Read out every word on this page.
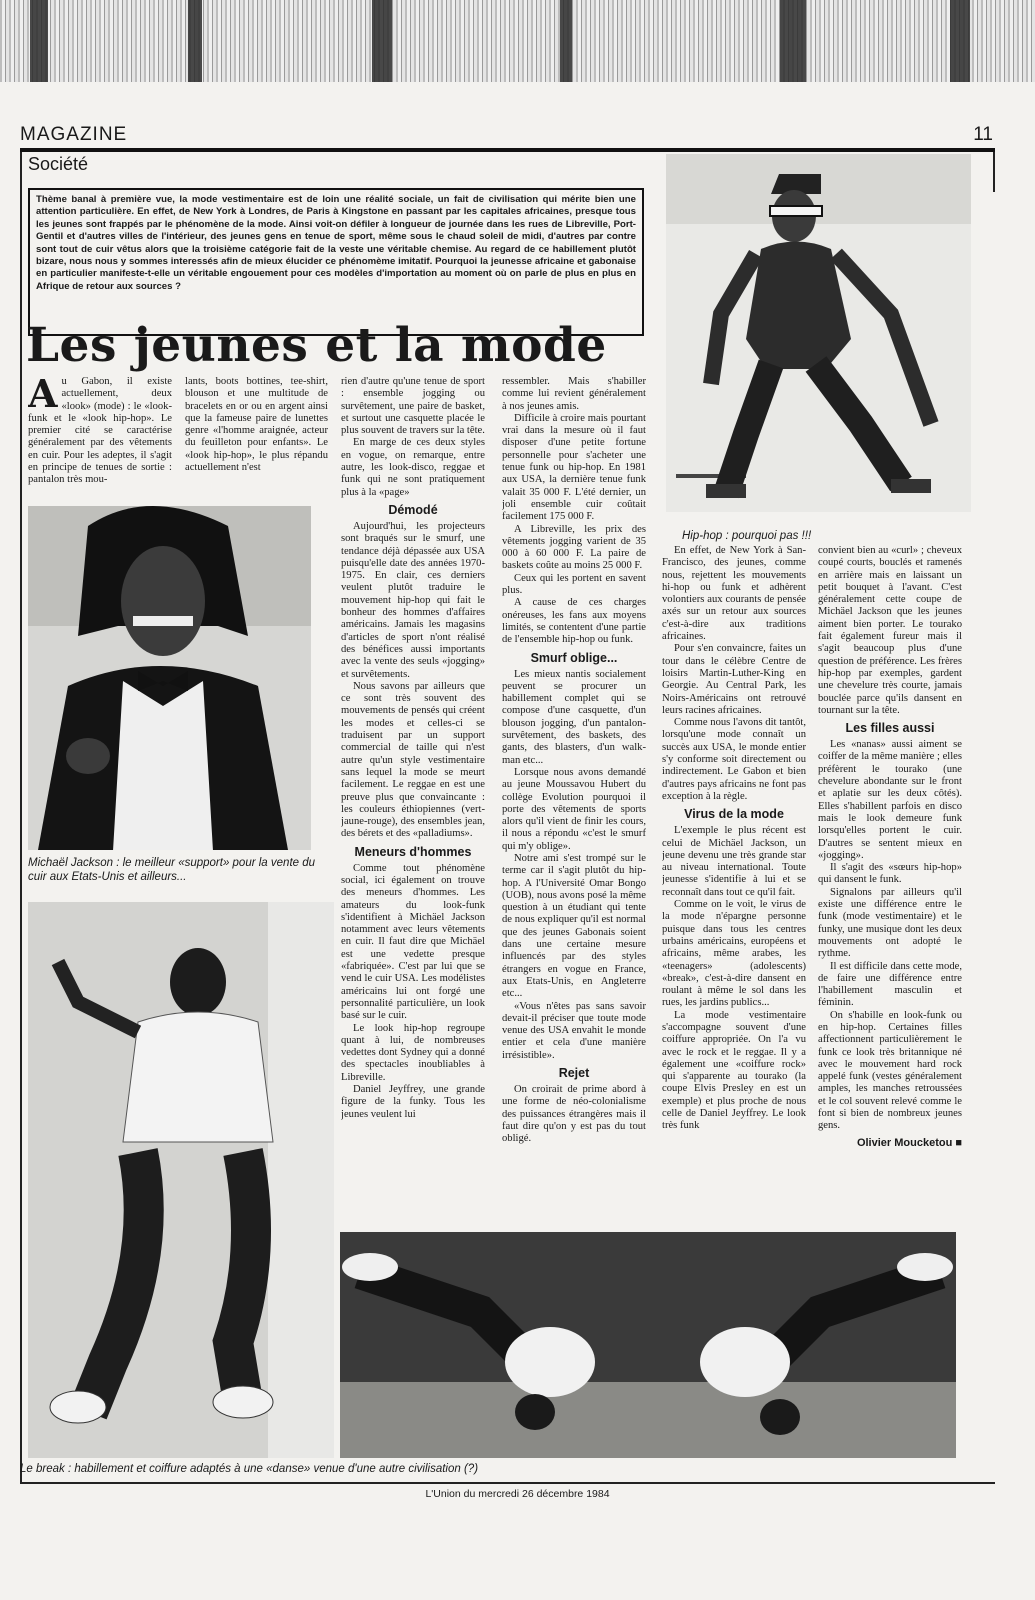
MAGAZINE	11
Société
Thème banal à première vue, la mode vestimentaire est de loin une réalité sociale, un fait de civilisation qui mérite bien une attention particulière. En effet, de New York à Londres, de Paris à Kingstone en passant par les capitales africaines, presque tous les jeunes sont frappés par le phénomène de la mode. Ainsi voit-on défiler à longueur de journée dans les rues de Libreville, Port-Gentil et d'autres villes de l'intérieur, des jeunes gens en tenue de sport, même sous le chaud soleil de midi, d'autres par contre sont tout de cuir vêtus alors que la troisième catégorie fait de la veste une véritable chemise. Au regard de ce habillement plutôt bizare, nous nous y sommes interessés afin de mieux élucider ce phénomème imitatif. Pourquoi la jeunesse africaine et gabonaise en particulier manifeste-t-elle un véritable engouement pour ces modèles d'importation au moment où on parle de plus en plus en Afrique de retour aux sources ?
Les jeunes et la mode
Hip-hop : pourquoi pas !!!
Michaël Jackson : le meilleur «support» pour la vente du cuir aux Etats-Unis et ailleurs...
Le break : habillement et coiffure adaptés à une «danse» venue d'une autre civilisation (?)
A u Gabon, il existe actuellement, deux «look» (mode) : le «look-funk et le «look hip-hop». Le premier cité se caractérise généralement par des vêtements en cuir. Pour les adeptes, il s'agit en principe de tenues de sortie : pantalon très mou-

lants, boots bottines, tee-shirt, blouson et une multitude de bracelets en or ou en argent ainsi que la fameuse paire de lunettes genre «l'homme araignée, acteur du feuilleton pour enfants». Le «look hip-hop», le plus répandu actuellement n'est

rien d'autre qu'une tenue de sport : ensemble jogging ou survêtement, une paire de basket, et surtout une casquette placée le plus souvent de travers sur la tête.

En marge de ces deux styles en vogue, on remarque, entre autre, les look-disco, reggae et funk qui ne sont pratiquement plus à la «page»

Démodé

Aujourd'hui, les projecteurs sont braqués sur le smurf, une tendance déjà dépassée aux USA puisqu'elle date des années 1970-1975. En clair, ces derniers veulent plutôt traduire le mouvement hip-hop qui fait le bonheur des hommes d'affaires américains. Jamais les magasins d'articles de sport n'ont réalisé des bénéfices aussi importants avec la vente des seuls «jogging» et survêtements.

Nous savons par ailleurs que ce sont très souvent des mouvements de pensés qui créent les modes et celles-ci se traduisent par un support commercial de taille qui n'est autre qu'un style vestimentaire sans lequel la mode se meurt facilement. Le reggae en est une preuve plus que convaincante : les couleurs éthiopiennes (vert-jaune-rouge), des ensembles jean, des bérets et des «palladiums».

Meneurs d'hommes

Comme tout phénomène social, ici également on trouve des meneurs d'hommes. Les amateurs du look-funk s'identifient à Michäel Jackson notamment avec leurs vêtements en cuir. Il faut dire que Michäel est une vedette presque «fabriquée». C'est par lui que se vend le cuir USA. Les modélistes américains lui ont forgé une personnalité particulière, un look basé sur le cuir.

Le look hip-hop regroupe quant à lui, de nombreuses vedettes dont Sydney qui a donné des spectacles inoubliables à Libreville.

Daniel Jeyffrey, une grande figure de la funky. Tous les jeunes veulent lui

ressembler. Mais s'habiller comme lui revient généralement à nos jeunes amis.

Difficile à croire mais pourtant vrai dans la mesure où il faut disposer d'une petite fortune personnelle pour s'acheter une tenue funk ou hip-hop. En 1981 aux USA, la dernière tenue funk valait 35 000 F. L'été dernier, un joli ensemble cuir coûtait facilement 175 000 F.

A Libreville, les prix des vêtements jogging varient de 35 000 à 60 000 F. La paire de baskets coûte au moins 25 000 F.

Ceux qui les portent en savent plus.

A cause de ces charges onéreuses, les fans aux moyens limités, se contentent d'une partie de l'ensemble hip-hop ou funk.

Smurf oblige...

Les mieux nantis socialement peuvent se procurer un habillement complet qui se compose d'une casquette, d'un blouson jogging, d'un pantalon-survêtement, des baskets, des gants, des blasters, d'un walk-man etc...

Lorsque nous avons demandé au jeune Moussavou Hubert du collège Evolution pourquoi il porte des vêtements de sports alors qu'il vient de finir les cours, il nous a répondu «c'est le smurf qui m'y oblige».

Notre ami s'est trompé sur le terme car il s'agit plutôt du hip-hop. A l'Université Omar Bongo (UOB), nous avons posé la même question à un étudiant qui tente de nous expliquer qu'il est normal que des jeunes Gabonais soient dans une certaine mesure influencés par des styles étrangers en vogue en France, aux Etats-Unis, en Angleterre etc...

«Vous n'êtes pas sans savoir devait-il préciser que toute mode venue des USA envahit le monde entier et cela d'une manière irrésistible».

Rejet

On croirait de prime abord à une forme de néo-colonialisme des puissances étrangères mais il faut dire qu'on y est pas du tout obligé.

En effet, de New York à San-Francisco, des jeunes, comme nous, rejettent les mouvements hi-hop ou funk et adhèrent volontiers aux courants de pensée axés sur un retour aux sources c'est-à-dire aux traditions africaines.

Pour s'en convaincre, faites un tour dans le célèbre Centre de loisirs Martin-Luther-King en Georgie. Au Central Park, les Noirs-Américains ont retrouvé leurs racines africaines.

Comme nous l'avons dit tantôt, lorsqu'une mode connaît un succès aux USA, le monde entier s'y conforme soit directement ou indirectement. Le Gabon et bien d'autres pays africains ne font pas exception à la règle.

Virus de la mode

L'exemple le plus récent est celui de Michäel Jackson, un jeune devenu une très grande star au niveau international. Toute jeunesse s'identifie à lui et se reconnaît dans tout ce qu'il fait.

Comme on le voit, le virus de la mode n'épargne personne puisque dans tous les centres urbains américains, européens et africains, même arabes, les «teenagers» (adolescents) «break», c'est-à-dire dansent en roulant à même le sol dans les rues, les jardins publics...

La mode vestimentaire s'accompagne souvent d'une coiffure appropriée. On l'a vu avec le rock et le reggae. Il y a également une «coiffure rock» qui s'apparente au tourako (la coupe Elvis Presley en est un exemple) et plus proche de nous celle de Daniel Jeyffrey. Le look très funk

convient bien au «curl» ; cheveux coupé courts, bouclés et ramenés en arrière mais en laissant un petit bouquet à l'avant. C'est généralement cette coupe de Michäel Jackson que les jeunes aiment bien porter. Le tourako fait également fureur mais il s'agit beaucoup plus d'une question de préférence. Les frères hip-hop par exemples, gardent une chevelure très courte, jamais bouclée parce qu'ils dansent en tournant sur la tête.

Les filles aussi

Les «nanas» aussi aiment se coiffer de la même manière ; elles préfèrent le tourako (une chevelure abondante sur le front et aplatie sur les deux côtés). Elles s'habillent parfois en disco mais le look demeure funk lorsqu'elles portent le cuir. D'autres se sentent mieux en «jogging».

Il s'agit des «sœurs hip-hop» qui dansent le funk.

Signalons par ailleurs qu'il existe une différence entre le funk (mode vestimentaire) et le funky, une musique dont les deux mouvements ont adopté le rythme.

Il est difficile dans cette mode, de faire une différence entre l'habillement masculin et féminin.

On s'habille en look-funk ou en hip-hop. Certaines filles affectionnent particulièrement le funk ce look très britannique né avec le mouvement hard rock appelé funk (vestes généralement amples, les manches retroussées et le col souvent relevé comme le font si bien de nombreux jeunes gens.

Olivier Moucketou ■
L'Union du mercredi 26 décembre 1984
